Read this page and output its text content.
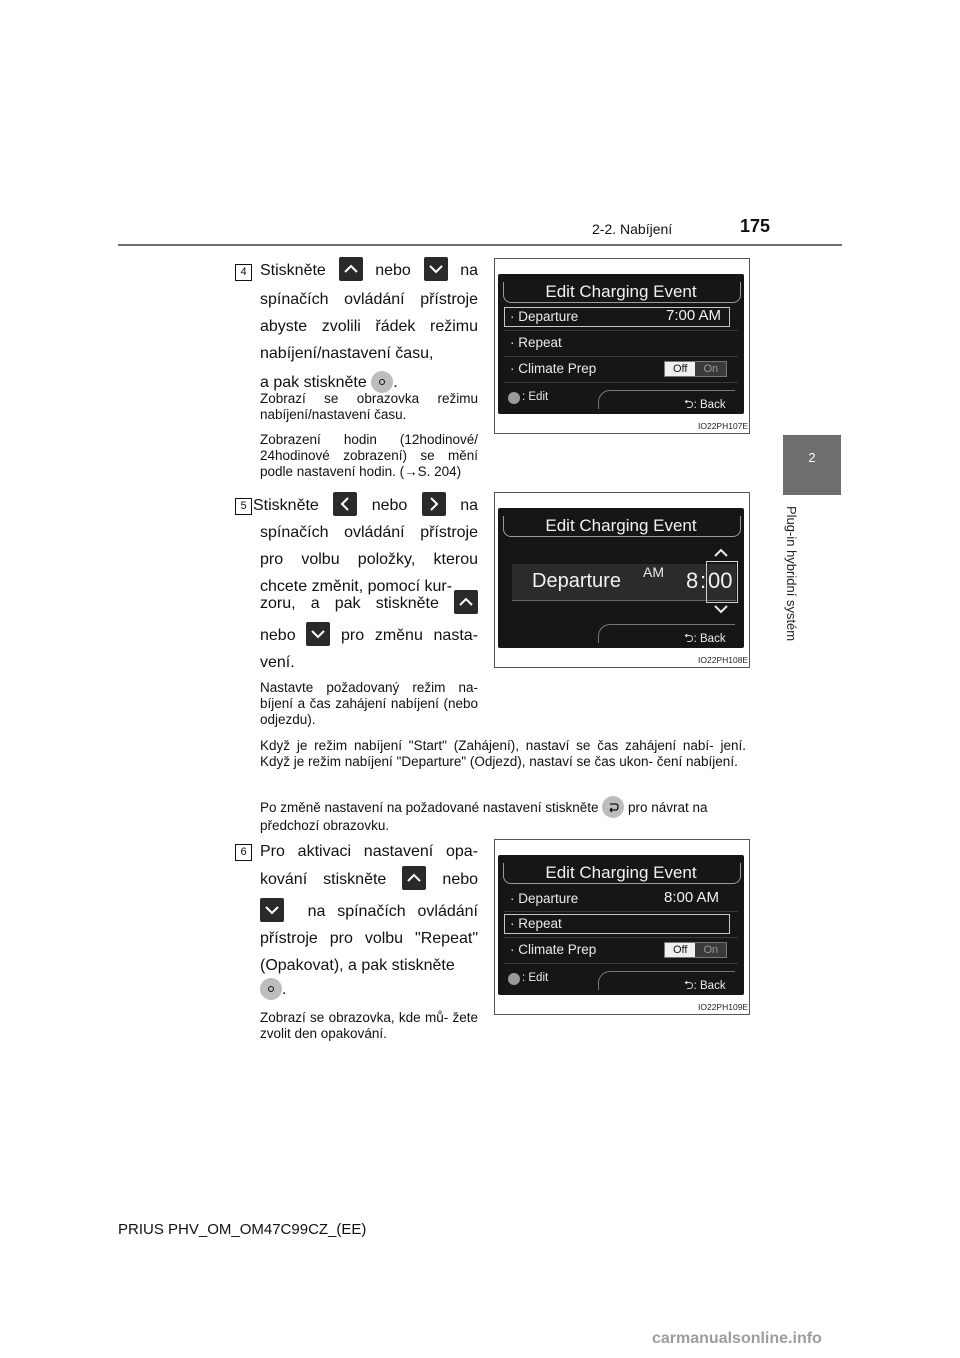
2-2. Nabíjení	175
2
Plug-in hybridní systém
4 Stiskněte	nebo	na
spínačích ovládání přístroje abyste zvolili řádek režimu nabíjení/nastavení času,
a pak stiskněte .
Zobrazí se obrazovka režimu nabíjení/nastavení času.
Zobrazení hodin (12hodinové/ 24hodinové zobrazení) se mění podle nastavení hodin. (→S. 204)
Edit Charging Event
· Departure	7:00 AM
· Repeat
· Climate Prep	Off	On
: Edit	⮌: Back
IO22PH107E
5 Stiskněte	nebo	na
spínačích ovládání přístroje pro volbu položky, kterou chcete změnit, pomocí kur-
zoru, a pak stiskněte
nebo	pro změnu nasta-
vení.
Nastavte požadovaný režim na- bíjení a čas zahájení nabíjení (nebo odjezdu).
Když je režim nabíjení "Start" (Zahájení), nastaví se čas zahájení nabí- jení. Když je režim nabíjení "Departure" (Odjezd), nastaví se čas ukon- čení nabíjení.
Po změně nastavení na požadované nastavení stiskněte pro návrat na předchozí obrazovku.
Edit Charging Event
Departure AM 8 : 00
⮌: Back
IO22PH108E
6 Pro aktivaci nastavení opa-
kování stiskněte	nebo
na spínačích ovládání přístroje pro volbu "Repeat" (Opakovat), a pak stiskněte
.
Zobrazí se obrazovka, kde mů- žete zvolit den opakování.
Edit Charging Event
· Departure	8:00 AM
· Repeat
· Climate Prep	Off	On
: Edit	⮌: Back
IO22PH109E
PRIUS PHV_OM_OM47C99CZ_(EE)
carmanualsonline.info
